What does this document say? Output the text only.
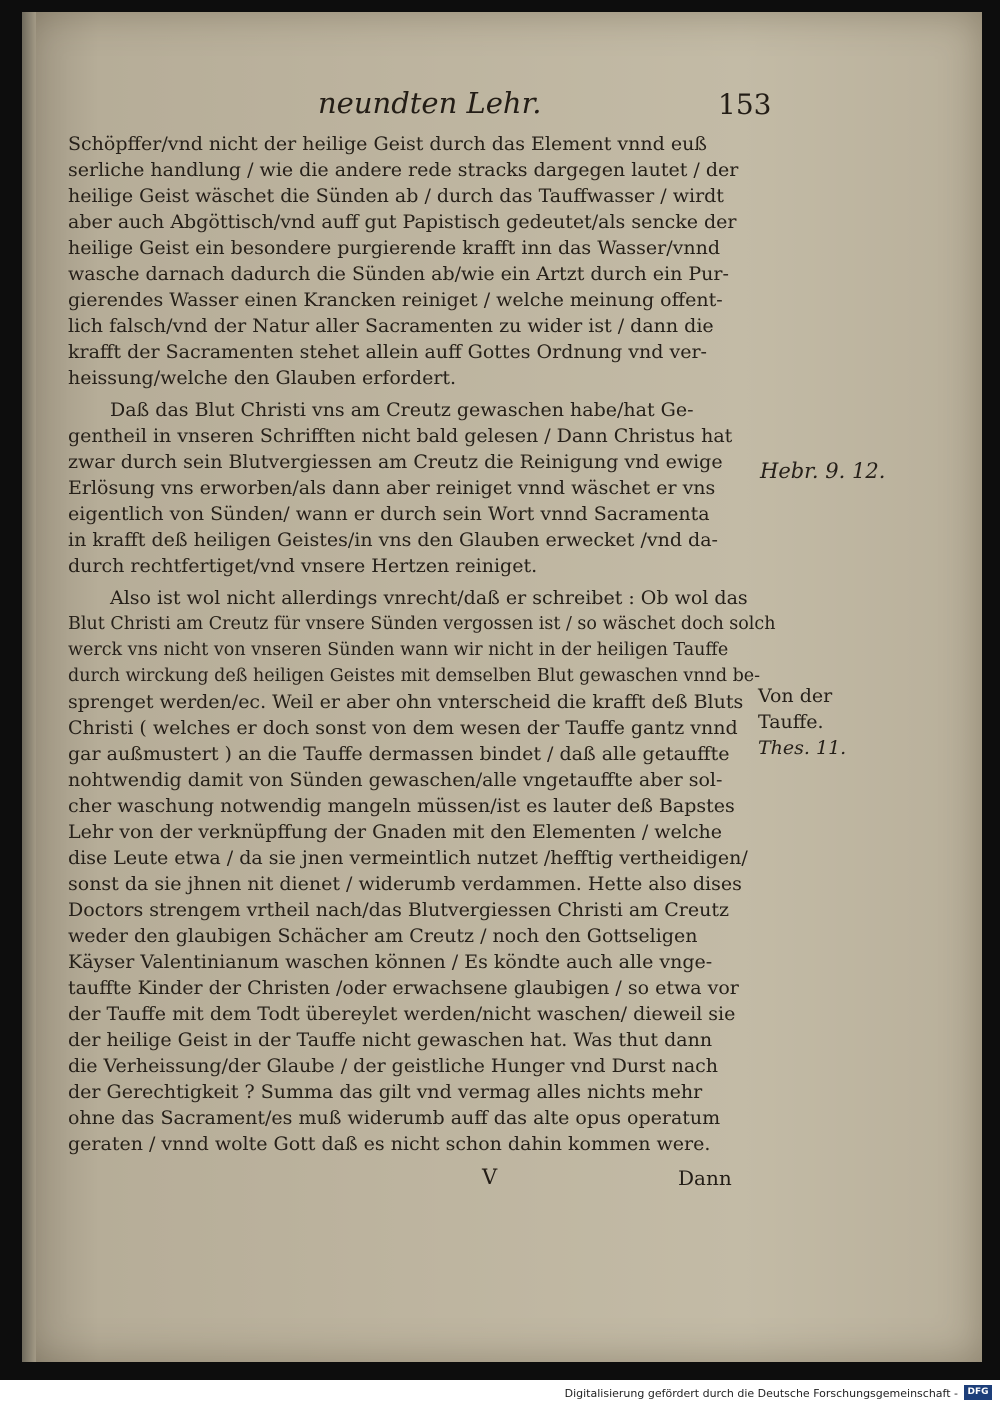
neundten Lehr.	153
Schöpffer/vnd nicht der heilige Geist durch das Element vnnd euß
serliche handlung / wie die andere rede stracks dargegen lautet / der
heilige Geist wäschet die Sünden ab / durch das Tauffwasser / wirdt
aber auch Abgöttisch/vnd auff gut Papistisch gedeutet/als sencke der
heilige Geist ein besondere purgierende krafft inn das Wasser/vnnd
wasche darnach dadurch die Sünden ab/wie ein Artzt durch ein Pur-
gierendes Wasser einen Krancken reiniget / welche meinung offent-
lich falsch/vnd der Natur aller Sacramenten zu wider ist / dann die
krafft der Sacramenten stehet allein auff Gottes Ordnung vnd ver-
heissung/welche den Glauben erfordert.
Daß das Blut Christi vns am Creutz gewaschen habe/hat Ge-
gentheil in vnseren Schrifften nicht bald gelesen / Dann Christus hat
zwar durch sein Blutvergiessen am Creutz die Reinigung vnd ewige
Erlösung vns erworben/als dann aber reiniget vnnd wäschet er vns
eigentlich von Sünden/ wann er durch sein Wort vnnd Sacramenta
in krafft deß heiligen Geistes/in vns den Glauben erwecket /vnd da-
durch rechtfertiget/vnd vnsere Hertzen reiniget.
Also ist wol nicht allerdings vnrecht/daß er schreibet : Ob wol das
Blut Christi am Creutz für vnsere Sünden vergossen ist / so wäschet doch solch
werck vns nicht von vnseren Sünden wann wir nicht in der heiligen Tauffe
durch wirckung deß heiligen Geistes mit demselben Blut gewaschen vnnd be-
sprenget werden/ec. Weil er aber ohn vnterscheid die krafft deß Bluts
Christi ( welches er doch sonst von dem wesen der Tauffe gantz vnnd
gar außmustert ) an die Tauffe dermassen bindet / daß alle getauffte
nohtwendig damit von Sünden gewaschen/alle vngetauffte aber sol-
cher waschung notwendig mangeln müssen/ist es lauter deß Bapstes
Lehr von der verknüpffung der Gnaden mit den Elementen / welche
dise Leute etwa / da sie jnen vermeintlich nutzet /hefftig vertheidigen/
sonst da sie jhnen nit dienet / widerumb verdammen. Hette also dises
Doctors strengem vrtheil nach/das Blutvergiessen Christi am Creutz
weder den glaubigen Schächer am Creutz / noch den Gottseligen
Käyser Valentinianum waschen können / Es köndte auch alle vnge-
tauffte Kinder der Christen /oder erwachsene glaubigen / so etwa vor
der Tauffe mit dem Todt übereylet werden/nicht waschen/ dieweil sie
der heilige Geist in der Tauffe nicht gewaschen hat. Was thut dann
die Verheissung/der Glaube / der geistliche Hunger vnd Durst nach
der Gerechtigkeit ? Summa das gilt vnd vermag alles nichts mehr
ohne das Sacrament/es muß widerumb auff das alte opus operatum
geraten / vnnd wolte Gott daß es nicht schon dahin kommen were.
Hebr. 9. 12.
Von der
Tauffe.
Thes. 11.
V	Dann
Digitalisierung gefördert durch die Deutsche Forschungsgemeinschaft -	DFG
